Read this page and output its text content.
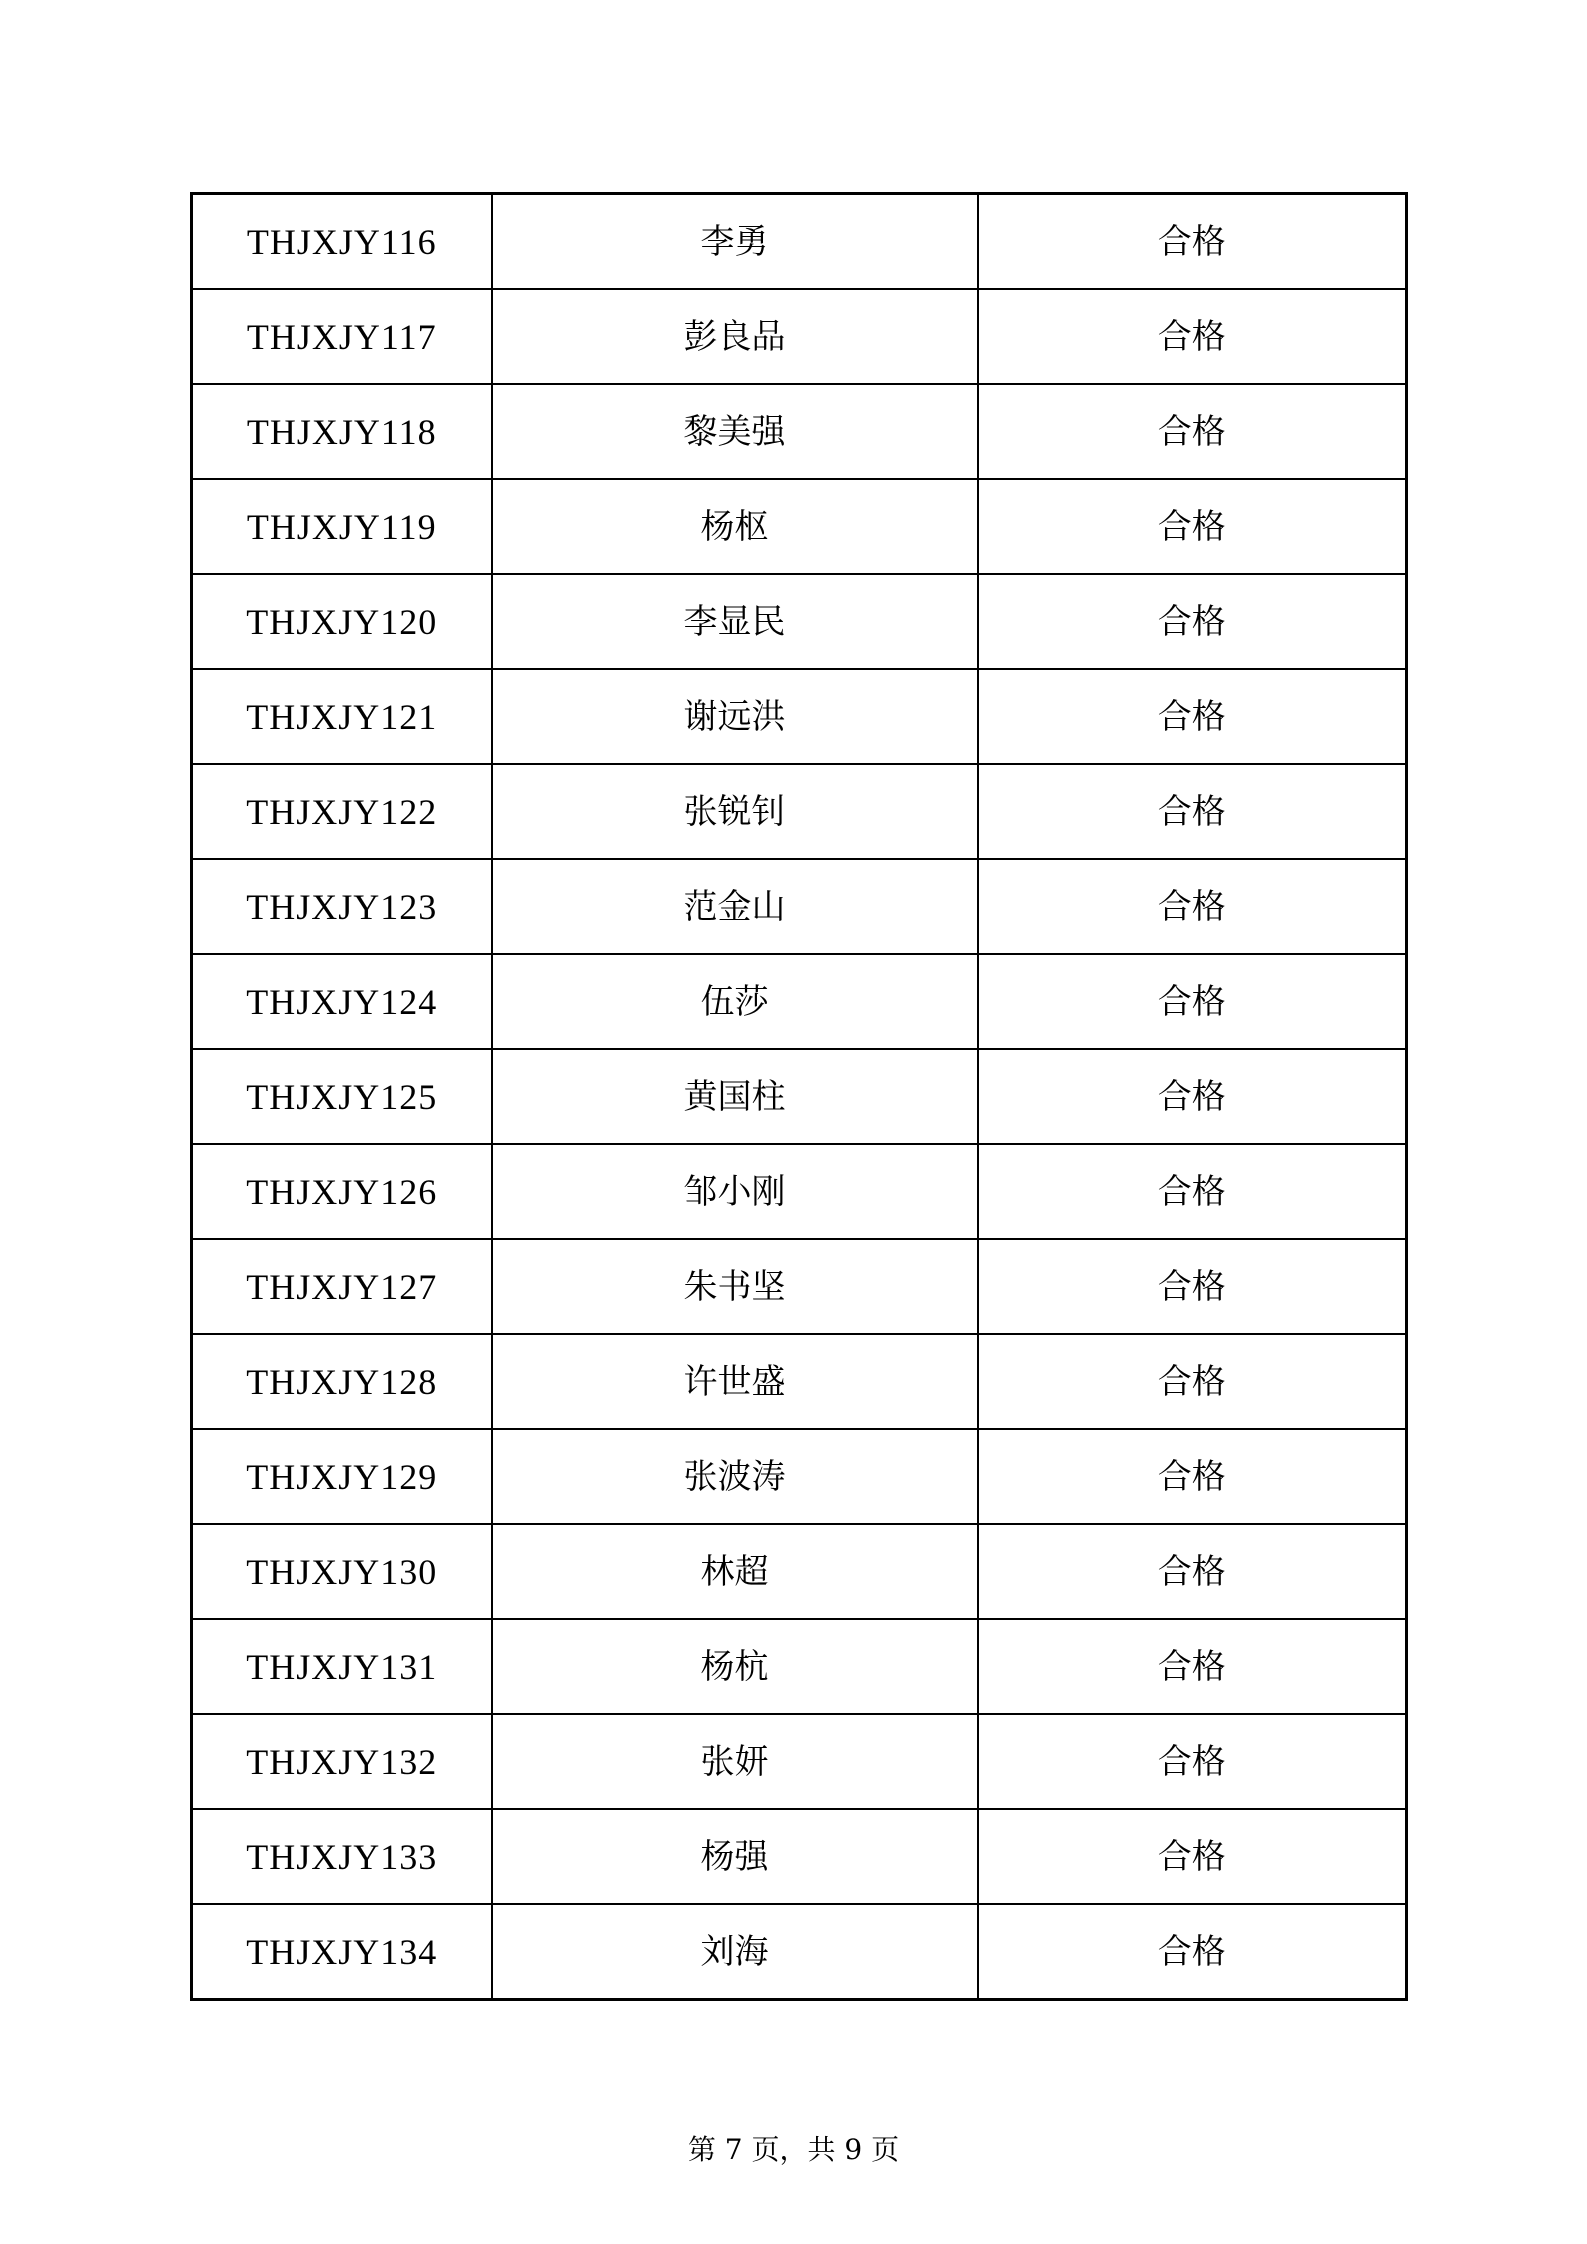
THJXJY116	李勇	合格
THJXJY117	彭良品	合格
THJXJY118	黎美强	合格
THJXJY119	杨枢	合格
THJXJY120	李显民	合格
THJXJY121	谢远洪	合格
THJXJY122	张锐钊	合格
THJXJY123	范金山	合格
THJXJY124	伍莎	合格
THJXJY125	黄国柱	合格
THJXJY126	邹小刚	合格
THJXJY127	朱书坚	合格
THJXJY128	许世盛	合格
THJXJY129	张波涛	合格
THJXJY130	林超	合格
THJXJY131	杨杭	合格
THJXJY132	张妍	合格
THJXJY133	杨强	合格
THJXJY134	刘海	合格
第 7 页，共 9 页
